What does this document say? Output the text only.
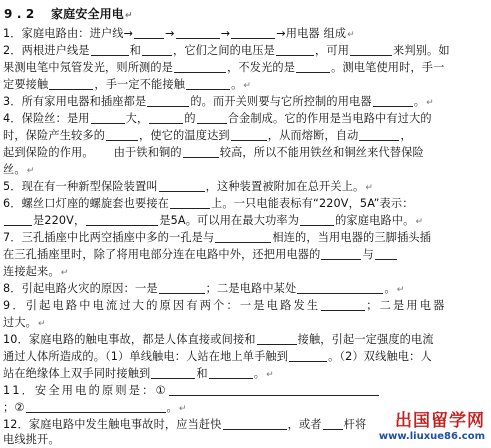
9 . 2 家庭安全用电↵
1．家庭电路由：进户线→	→	→	→用电器 组成↵
2．两根进户线是	和	，它们之间的电压是	，可用	来判别。如
果测电笔中氖管发光，则所测的是	，不发光的是	。测电笔使用时，手一
定要接触	，手一定不能接触	。↵
3．所有家用电器和插座都是	的。而开关则要与它所控制的用电器	。↵
4．保险丝：是用	大，	的	合金制成。它的作用是当电路中有过大的
时，保险产生较多的	，使它的温度达到	，从而熔断，自动	，
起到保险的作用。 由于铁和铜的	较高，所以不能用铁丝和铜丝来代替保险
丝。↵
5．现在有一种新型保险装置叫	，这种装置被附加在总开关上。↵
6．螺丝口灯座的螺旋套也要接在	上。一只电能表标有“220V，5A”表示：
是220V，	是5A。可以用在最大功率为	的家庭电路中。↵
7．三孔插座中比两空插座中多的一孔是与	相连的，当用电器的三脚插头插
在三孔插座里时，除了将用电部分连在电路中外，还把用电器的	与
连接起来。↵
8．引起电路火灾的原因：一是	；二是电路中某处	。↵
9．引起电路中电流过大的原因有两个：一是电路发生	；二是用电器
过大。↵
10．家庭电路的触电事故，都是人体直接或间接和	接触，引起一定强度的电流
通过人体所造成的。（1）单线触电：人站在地上单手触到	。（2）双线触电：人
站在绝缘体上双手同时接触到	和	。↵
11．安全用电的原则是：①
；②	。↵
12．家庭电路中发生触电事故时，应当赶快	，或者 杆将
电线挑开。
出国留学网
www.liuxue86.com
